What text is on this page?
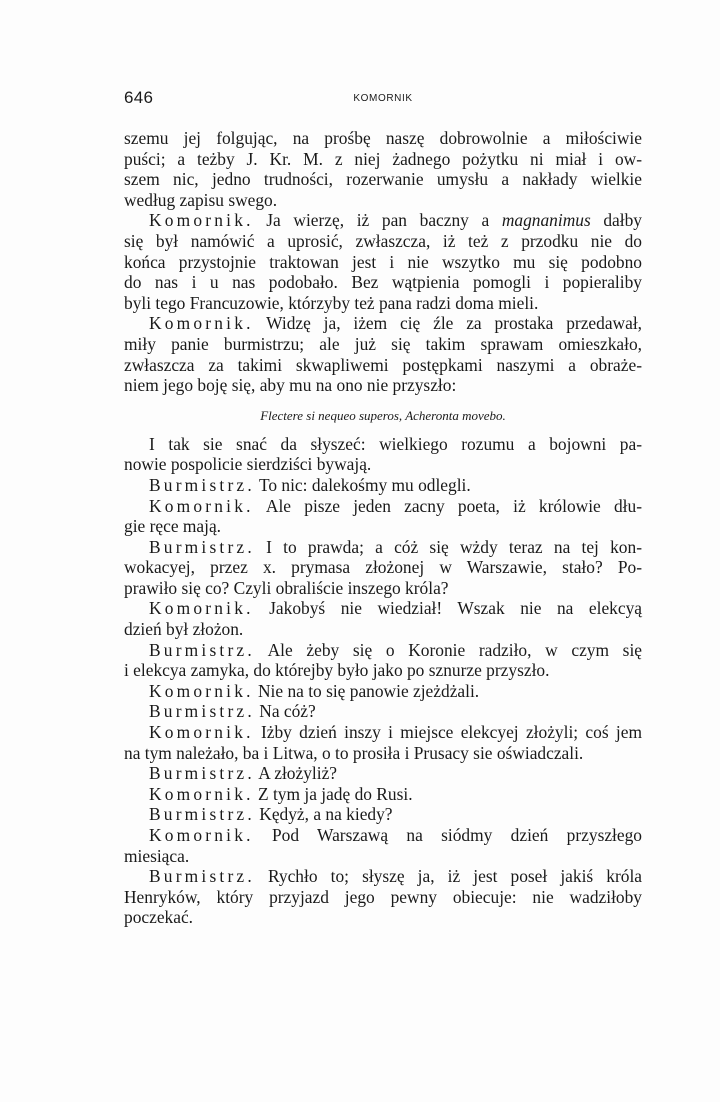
646	KOMORNIK
szemu jej folgując, na prośbę naszę dobrowolnie a miłościwie
puści; a teżby J. Kr. M. z niej żadnego pożytku ni miał i ow-
szem nic, jedno trudności, rozerwanie umysłu a nakłady wielkie
według zapisu swego.
Komornik. Ja wierzę, iż pan baczny a magnanimus dałby
się był namówić a uprosić, zwłaszcza, iż też z przodku nie do
końca przystojnie traktowan jest i nie wszytko mu się podobno
do nas i u nas podobało. Bez wątpienia pomogli i popieraliby
byli tego Francuzowie, którzyby też pana radzi doma mieli.
Komornik. Widzę ja, iżem cię źle za prostaka przedawał,
miły panie burmistrzu; ale już się takim sprawam omieszkało,
zwłaszcza za takimi skwapliwemi postępkami naszymi a obraże-
niem jego boję się, aby mu na ono nie przyszło:
Flectere si nequeo superos, Acheronta movebo.
I tak sie snać da słyszeć: wielkiego rozumu a bojowni pa-
nowie pospolicie sierdziści bywają.
Burmistrz. To nic: dalekośmy mu odlegli.
Komornik. Ale pisze jeden zacny poeta, iż królowie dłu-
gie ręce mają.
Burmistrz. I to prawda; a cóż się wżdy teraz na tej kon-
wokacyej, przez x. prymasa złożonej w Warszawie, stało? Po-
prawiło się co? Czyli obraliście inszego króla?
Komornik. Jakobyś nie wiedział! Wszak nie na elekcyą
dzień był złożon.
Burmistrz. Ale żeby się o Koronie radziło, w czym się
i elekcya zamyka, do którejby było jako po sznurze przyszło.
Komornik. Nie na to się panowie zjeżdżali.
Burmistrz. Na cóż?
Komornik. Iżby dzień inszy i miejsce elekcyej złożyli; coś jem
na tym należało, ba i Litwa, o to prosiła i Prusacy sie oświadczali.
Burmistrz. A złożyliż?
Komornik. Z tym ja jadę do Rusi.
Burmistrz. Kędyż, a na kiedy?
Komornik. Pod Warszawą na siódmy dzień przyszłego
miesiąca.
Burmistrz. Rychło to; słyszę ja, iż jest poseł jakiś króla
Henryków, który przyjazd jego pewny obiecuje: nie wadziłoby
poczekać.
